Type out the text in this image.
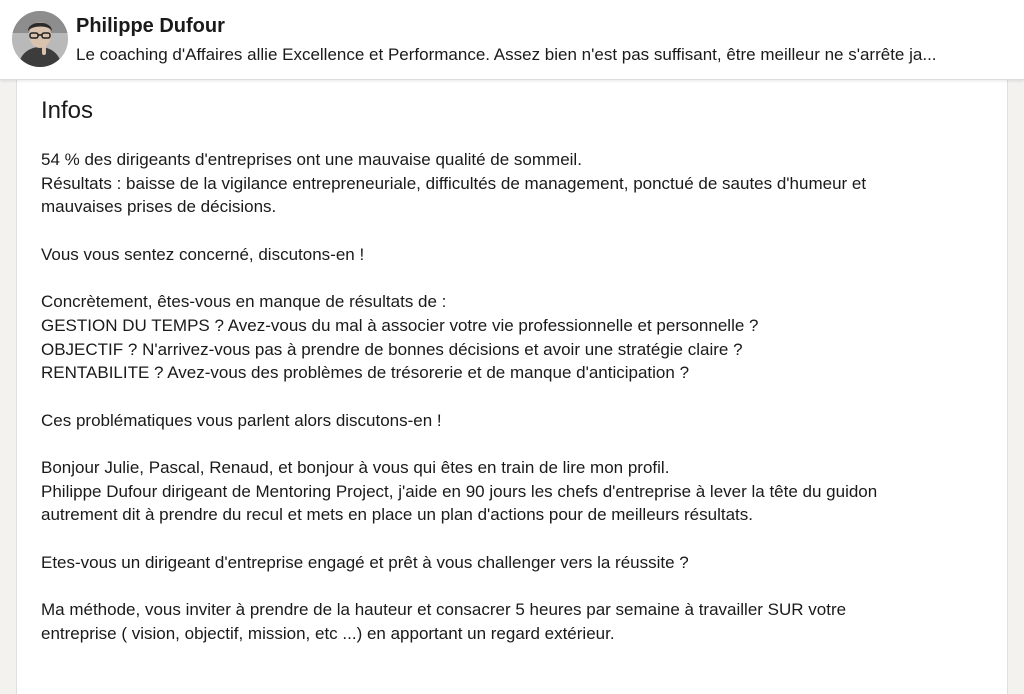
Philippe Dufour
Le coaching d'Affaires allie Excellence et Performance. Assez bien n'est pas suffisant, être meilleur ne s'arrête ja...
Infos

54 % des dirigeants d'entreprises ont une mauvaise qualité de sommeil.

Résultats : baisse de la vigilance entrepreneuriale, difficultés de management, ponctué de sautes d'humeur et

mauvaises prises de décisions.

Vous vous sentez concerné, discutons-en !

Concrètement, êtes-vous en manque de résultats de :

GESTION DU TEMPS ? Avez-vous du mal à associer votre vie professionnelle et personnelle ?

OBJECTIF ? N'arrivez-vous pas à prendre de bonnes décisions et avoir une stratégie claire ?

RENTABILITE ? Avez-vous des problèmes de trésorerie et de manque d'anticipation ?

Ces problématiques vous parlent alors discutons-en !

Bonjour Julie, Pascal, Renaud, et bonjour à vous qui êtes en train de lire mon profil.

Philippe Dufour dirigeant de Mentoring Project, j'aide en 90 jours les chefs d'entreprise à lever la tête du guidon

autrement dit à prendre du recul et mets en place un plan d'actions pour de meilleurs résultats.

Etes-vous un dirigeant d'entreprise engagé et prêt à vous challenger vers la réussite ?

Ma méthode, vous inviter à prendre de la hauteur et consacrer 5 heures par semaine à travailler SUR votre

entreprise ( vision, objectif, mission, etc ...) en apportant un regard extérieur.
